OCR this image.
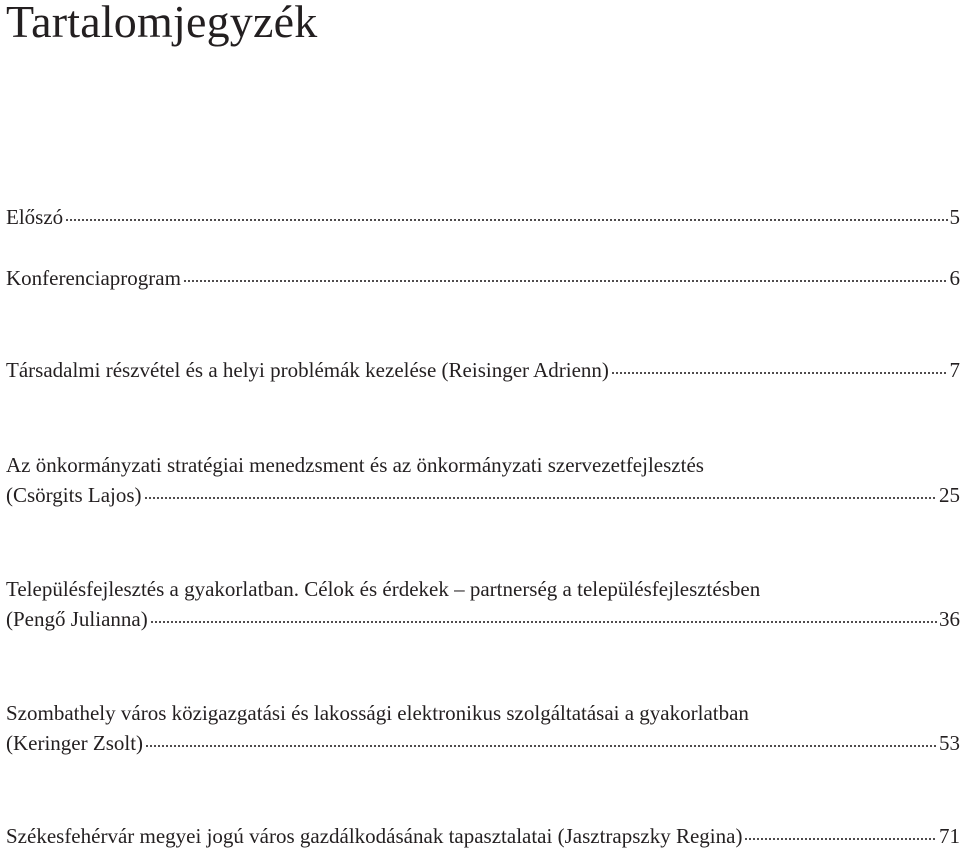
Tartalomjegyzék
Előszó	5
Konferenciaprogram	6
Társadalmi részvétel és a helyi problémák kezelése (Reisinger Adrienn)	7
Az önkormányzati stratégiai menedzsment és az önkormányzati szervezetfejlesztés
(Csörgits Lajos)	25
Településfejlesztés a gyakorlatban. Célok és érdekek – partnerség a településfejlesztésben
(Pengő Julianna)	36
Szombathely város közigazgatási és lakossági elektronikus szolgáltatásai a gyakorlatban
(Keringer Zsolt)	53
Székesfehérvár megyei jogú város gazdálkodásának tapasztalatai (Jasztrapszky Regina)	71
